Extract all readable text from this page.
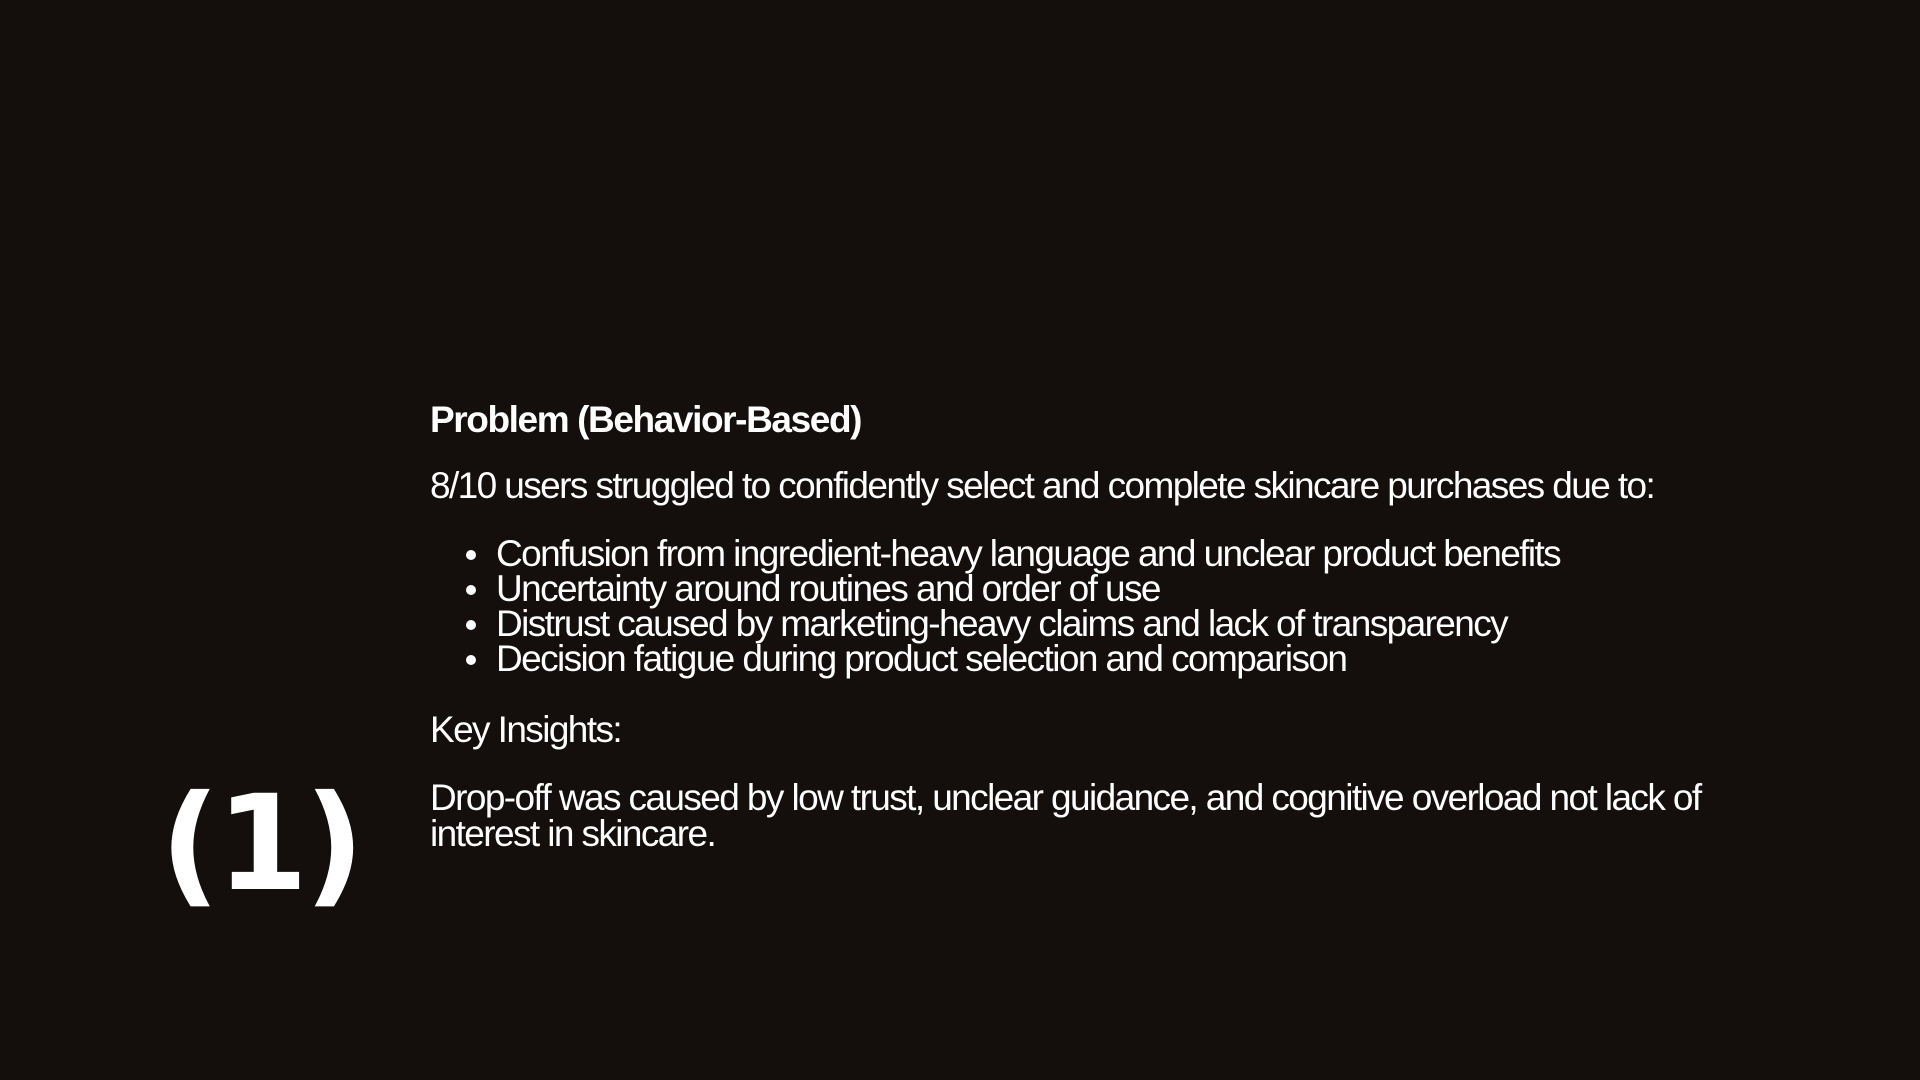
(1)

Problem (Behavior-Based)

8/10 users struggled to confidently select and complete skincare purchases due to:

Confusion from ingredient-heavy language and unclear product benefits
Uncertainty around routines and order of use
Distrust caused by marketing-heavy claims and lack of transparency
Decision fatigue during product selection and comparison

Key Insights:

Drop-off was caused by low trust, unclear guidance, and cognitive overload not lack of interest in skincare.
